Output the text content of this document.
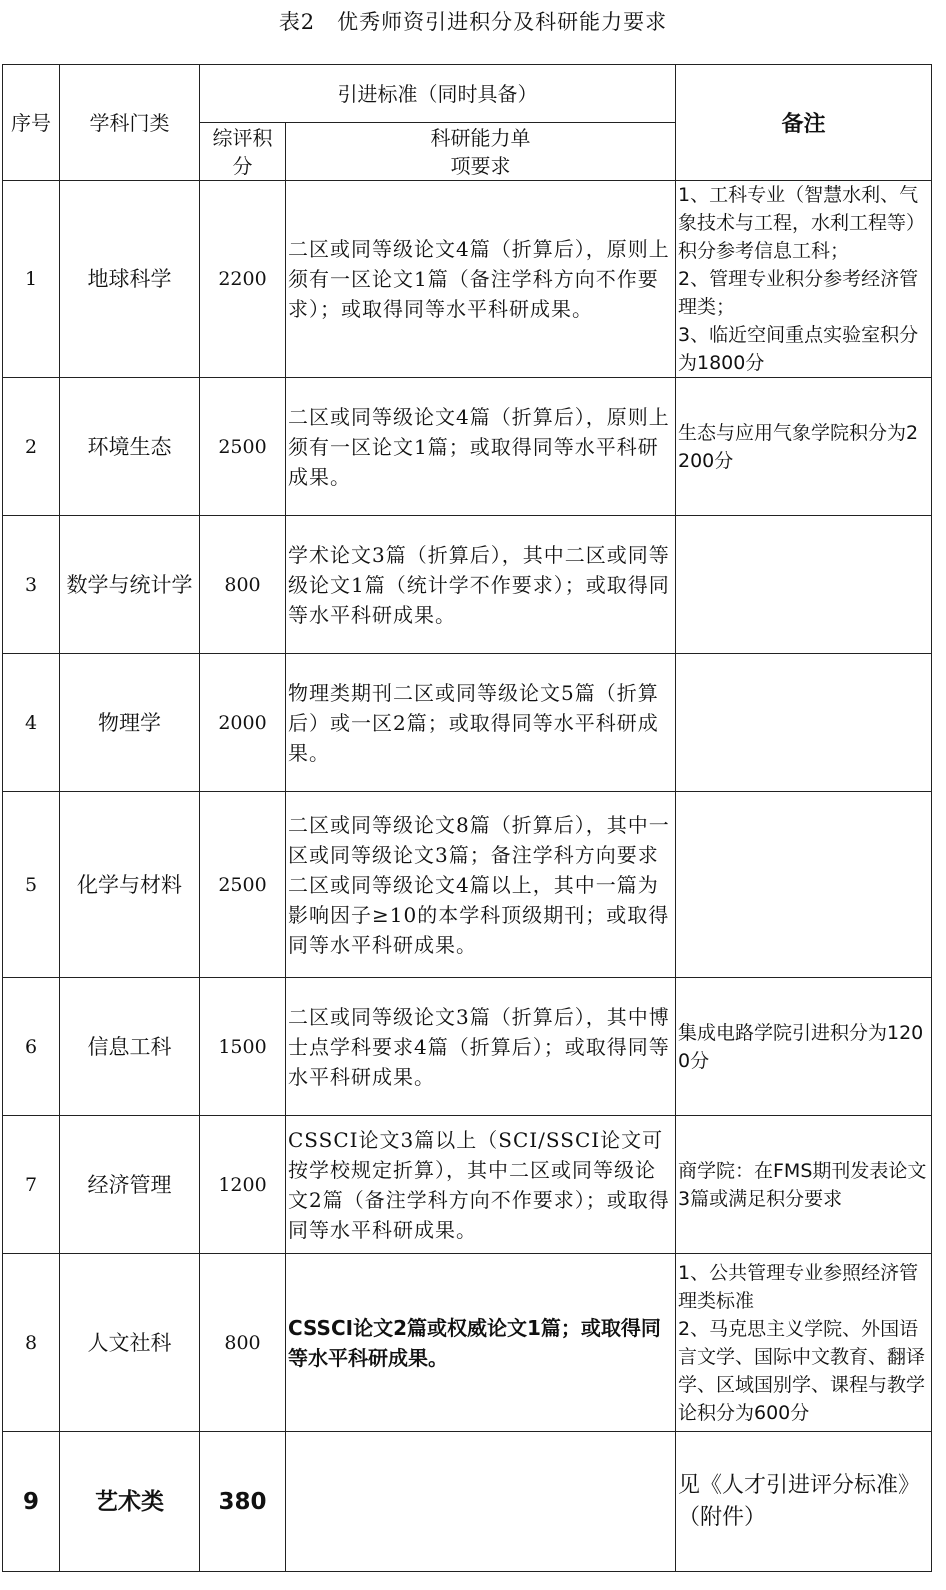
表2　优秀师资引进积分及科研能力要求
序号	学科门类	引进标准（同时具备）		备注
		综评积分	科研能力单项要求	
1	地球科学	2200	二区或同等级论文4篇（折算后），原则上须有一区论文1篇（备注学科方向不作要求）；或取得同等水平科研成果。	1、工科专业（智慧水利、气象技术与工程，水利工程等）积分参考信息工科；
2、管理专业积分参考经济管理类；
3、临近空间重点实验室积分为1800分

2	环境生态	2500	二区或同等级论文4篇（折算后），原则上须有一区论文1篇；或取得同等水平科研成果。	生态与应用气象学院积分为2200分

3	数学与统计学	800	学术论文3篇（折算后），其中二区或同等级论文1篇（统计学不作要求）；或取得同等水平科研成果。	
4	物理学	2000	物理类期刊二区或同等级论文5篇（折算后）或一区2篇；或取得同等水平科研成果。	
5	化学与材料	2500	二区或同等级论文8篇（折算后），其中一区或同等级论文3篇；备注学科方向要求二区或同等级论文4篇以上，其中一篇为影响因子≥10的本学科顶级期刊；或取得同等水平科研成果。	
6	信息工科	1500	二区或同等级论文3篇（折算后），其中博士点学科要求4篇（折算后）；或取得同等水平科研成果。	集成电路学院引进积分为1200分

7	经济管理	1200	CSSCI论文3篇以上（SCI/SSCI论文可按学校规定折算），其中二区或同等级论文2篇（备注学科方向不作要求）；或取得同等水平科研成果。	商学院：在FMS期刊发表论文3篇或满足积分要求

8	人文社科	800	CSSCI论文2篇或权威论文1篇；或取得同等水平科研成果。	1、公共管理专业参照经济管理类标准
2、马克思主义学院、外国语言文学、国际中文教育、翻译学、区域国别学、课程与教学论积分为600分

9	艺术类	380		见《人才引进评分标准》（附件）
